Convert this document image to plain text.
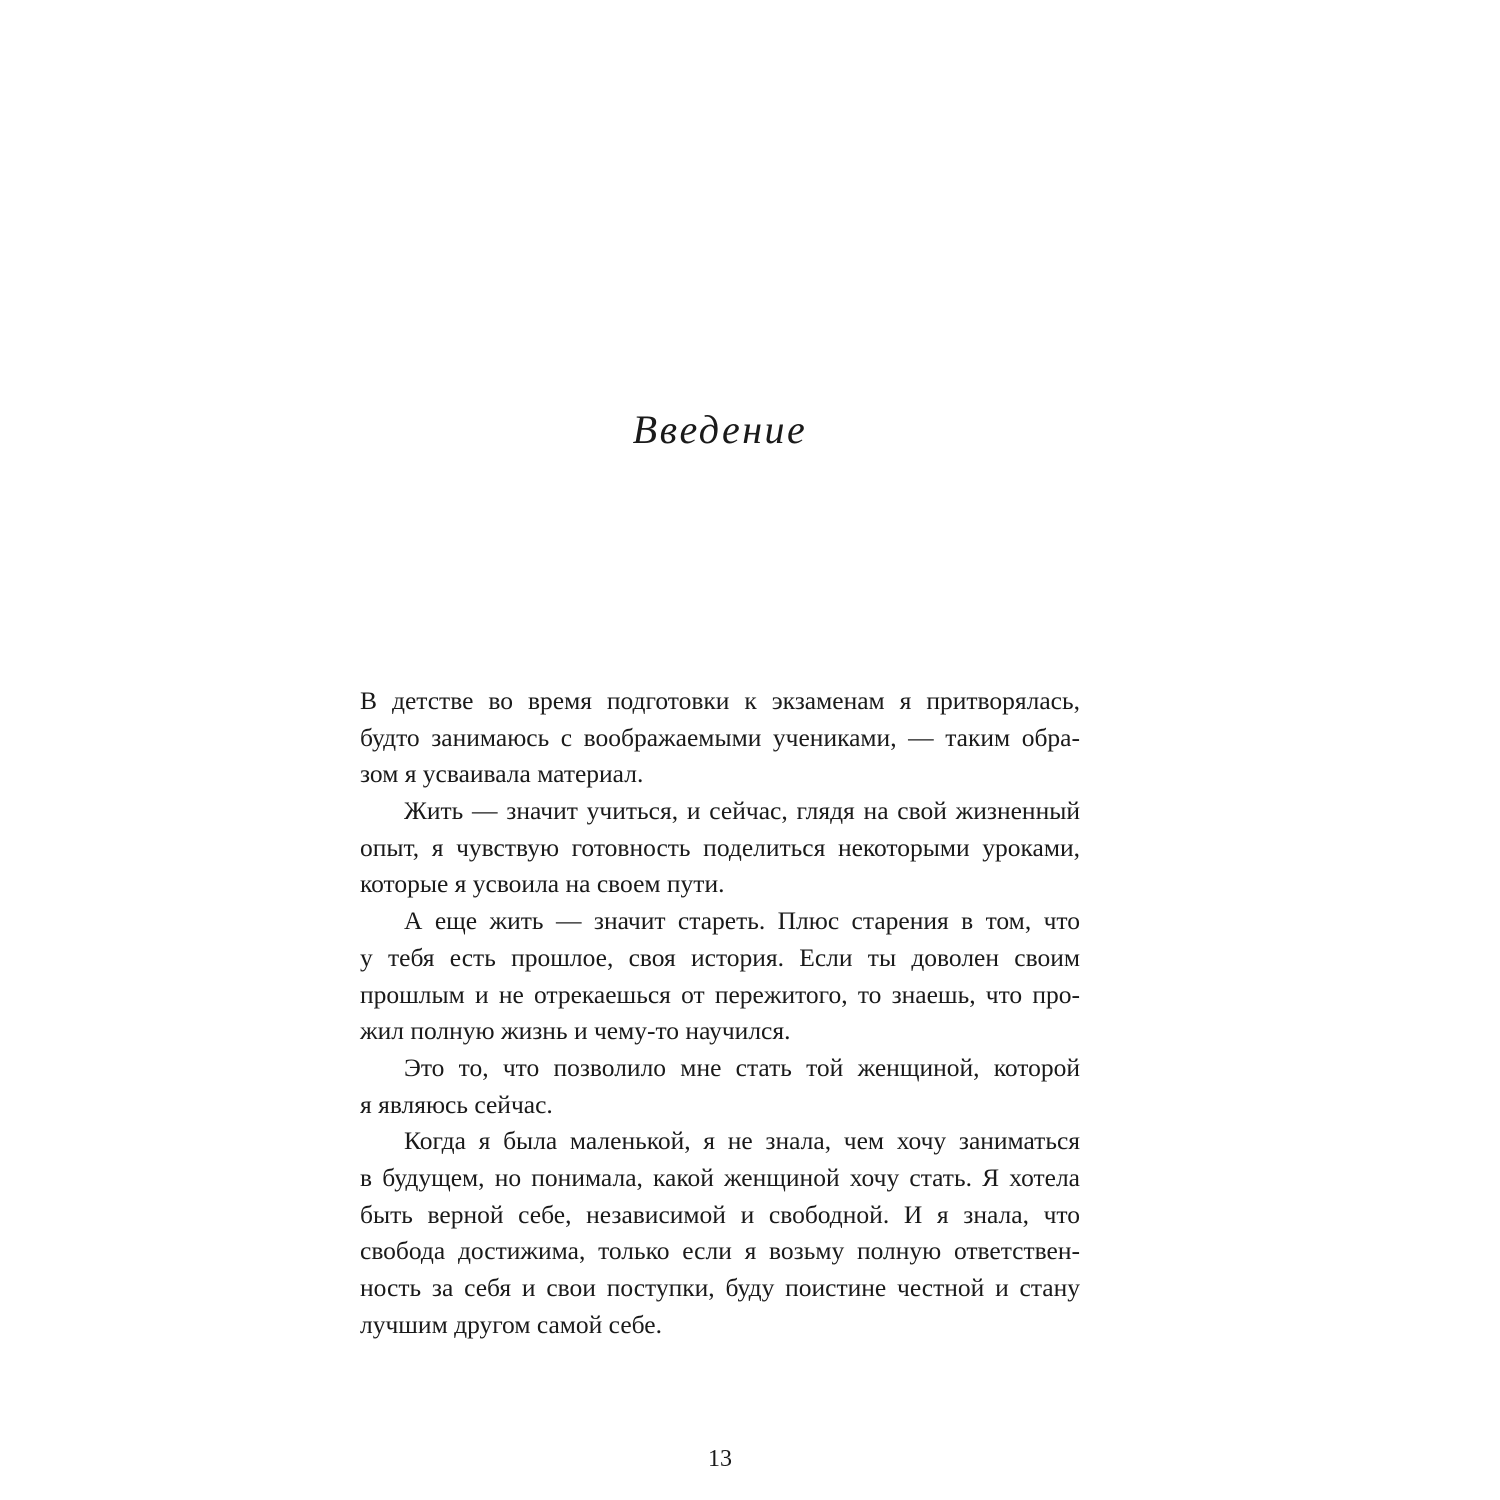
Введение
В детстве во время подготовки к экзаменам я притворялась,
будто занимаюсь с воображаемыми учениками, — таким обра-
зом я усваивала материал.
Жить — значит учиться, и сейчас, глядя на свой жизненный
опыт, я чувствую готовность поделиться некоторыми уроками,
которые я усвоила на своем пути.
А еще жить — значит стареть. Плюс старения в том, что
у тебя есть прошлое, своя история. Если ты доволен своим
прошлым и не отрекаешься от пережитого, то знаешь, что про-
жил полную жизнь и чему-то научился.
Это то, что позволило мне стать той женщиной, которой
я являюсь сейчас.
Когда я была маленькой, я не знала, чем хочу заниматься
в будущем, но понимала, какой женщиной хочу стать. Я хотела
быть верной себе, независимой и свободной. И я знала, что
свобода достижима, только если я возьму полную ответствен-
ность за себя и свои поступки, буду поистине честной и стану
лучшим другом самой себе.
13
